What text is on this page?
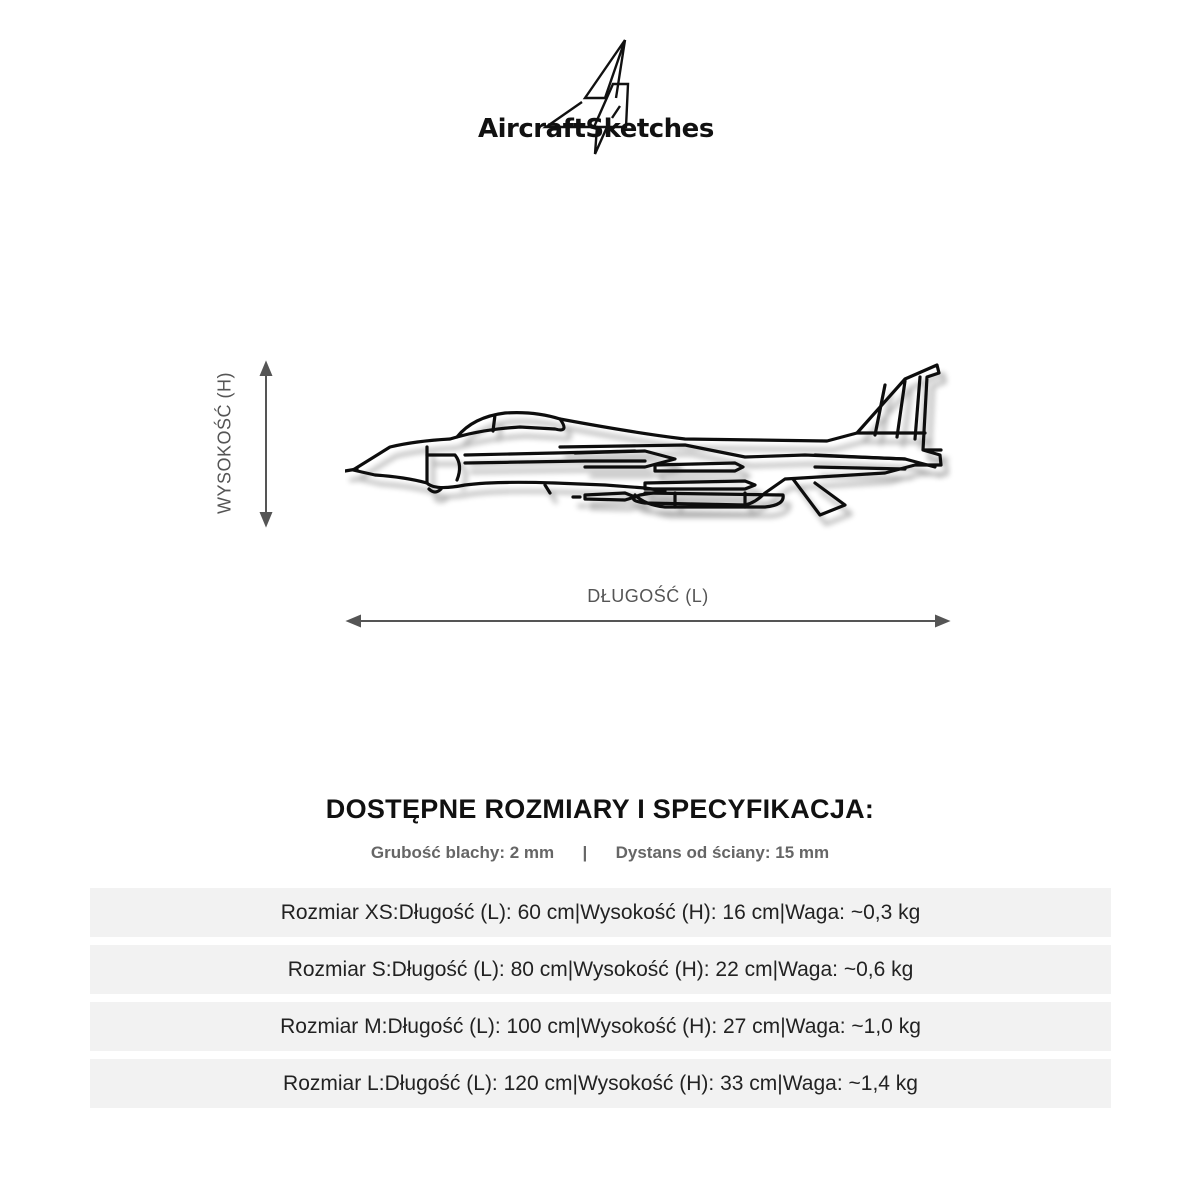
AircraftSketches
WYSOKOŚĆ (H)
DŁUGOŚĆ (L)
DOSTĘPNE ROZMIARY I SPECYFIKACJA:
Grubość blachy: 2 mm | Dystans od ściany: 15 mm
Rozmiar XS: Długość (L): 60 cm | Wysokość (H): 16 cm | Waga: ~0,3 kg
Rozmiar S: Długość (L): 80 cm | Wysokość (H): 22 cm | Waga: ~0,6 kg
Rozmiar M: Długość (L): 100 cm | Wysokość (H): 27 cm | Waga: ~1,0 kg
Rozmiar L: Długość (L): 120 cm | Wysokość (H): 33 cm | Waga: ~1,4 kg
